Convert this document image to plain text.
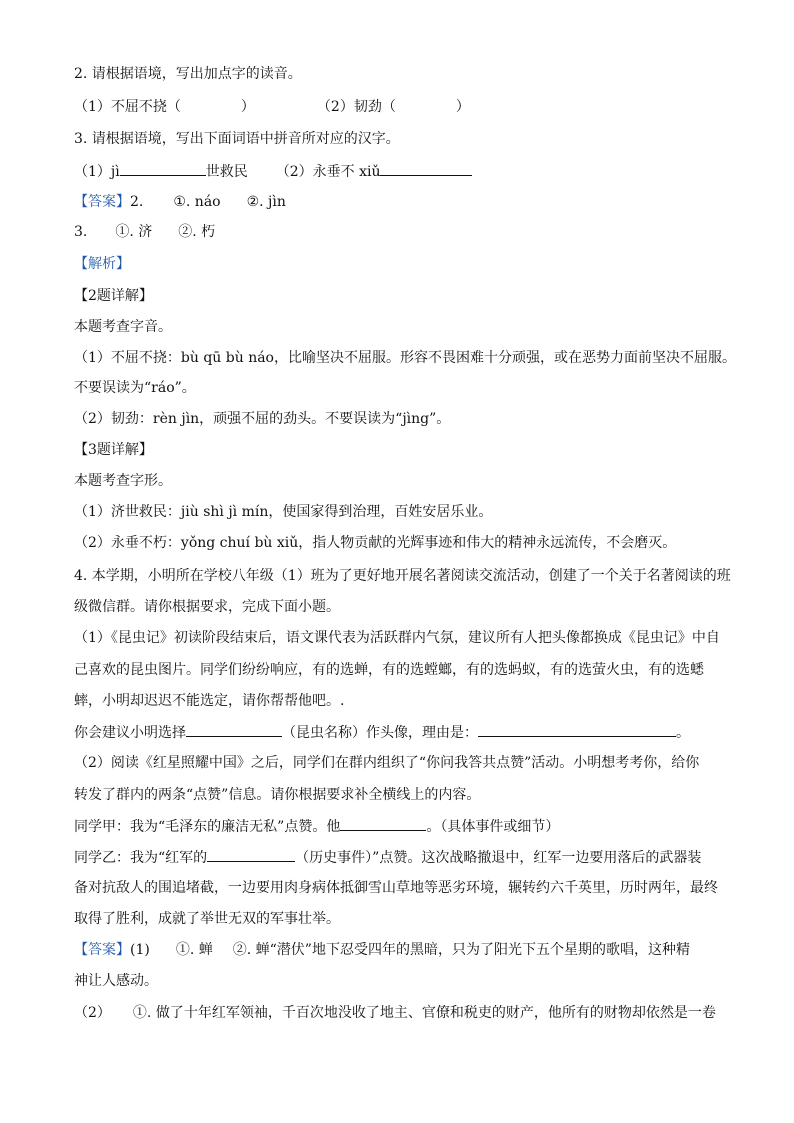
2. 请根据语境，写出加点字的读音。
（1）不屈不挠（	）	（2）韧劲（	）
3. 请根据语境，写出下面词语中拼音所对应的汉字。
（1）jì	世救民 （2）永垂不 xiǔ
【答案】2. ①. náo ②. jìn
3. ①. 济 ②. 朽
【解析】
【2题详解】
本题考查字音。
（1）不屈不挠：bù qū bù náo，比喻坚决不屈服。形容不畏困难十分顽强，或在恶势力面前坚决不屈服。
不要误读为“ráo”。
（2）韧劲：rèn jìn，顽强不屈的劲头。不要误读为“jìng”。
【3题详解】
本题考查字形。
（1）济世救民：jiù shì jì mín，使国家得到治理，百姓安居乐业。
（2）永垂不朽：yǒng chuí bù xiǔ，指人物贡献的光辉事迹和伟大的精神永远流传，不会磨灭。
4. 本学期，小明所在学校八年级（1）班为了更好地开展名著阅读交流活动，创建了一个关于名著阅读的班
级微信群。请你根据要求，完成下面小题。
（1）《昆虫记》初读阶段结束后，语文课代表为活跃群内气氛，建议所有人把头像都换成《昆虫记》中自
己喜欢的昆虫图片。同学们纷纷响应，有的选蝉，有的选螳螂，有的选蚂蚁，有的选萤火虫，有的选蟋
蟀，小明却迟迟不能选定，请你帮帮他吧。.
你会建议小明选择	（昆虫名称）作头像，理由是：	。
（2）阅读《红星照耀中国》之后，同学们在群内组织了“你问我答共点赞”活动。小明想考考你，给你
转发了群内的两条“点赞”信息。请你根据要求补全横线上的内容。
同学甲：我为“毛泽东的廉洁无私”点赞。他	。（具体事件或细节）
同学乙：我为“红军的	（历史事件）”点赞。这次战略撤退中，红军一边要用落后的武器装
备对抗敌人的围追堵截，一边要用肉身病体抵御雪山草地等恶劣环境，辗转约六千英里，历时两年，最终
取得了胜利，成就了举世无双的军事壮举。
【答案】(1) ①. 蝉 ②. 蝉“潜伏”地下忍受四年的黑暗，只为了阳光下五个星期的歌唱，这种精
神让人感动。
（2） ①. 做了十年红军领袖，千百次地没收了地主、官僚和税吏的财产，他所有的财物却依然是一卷
